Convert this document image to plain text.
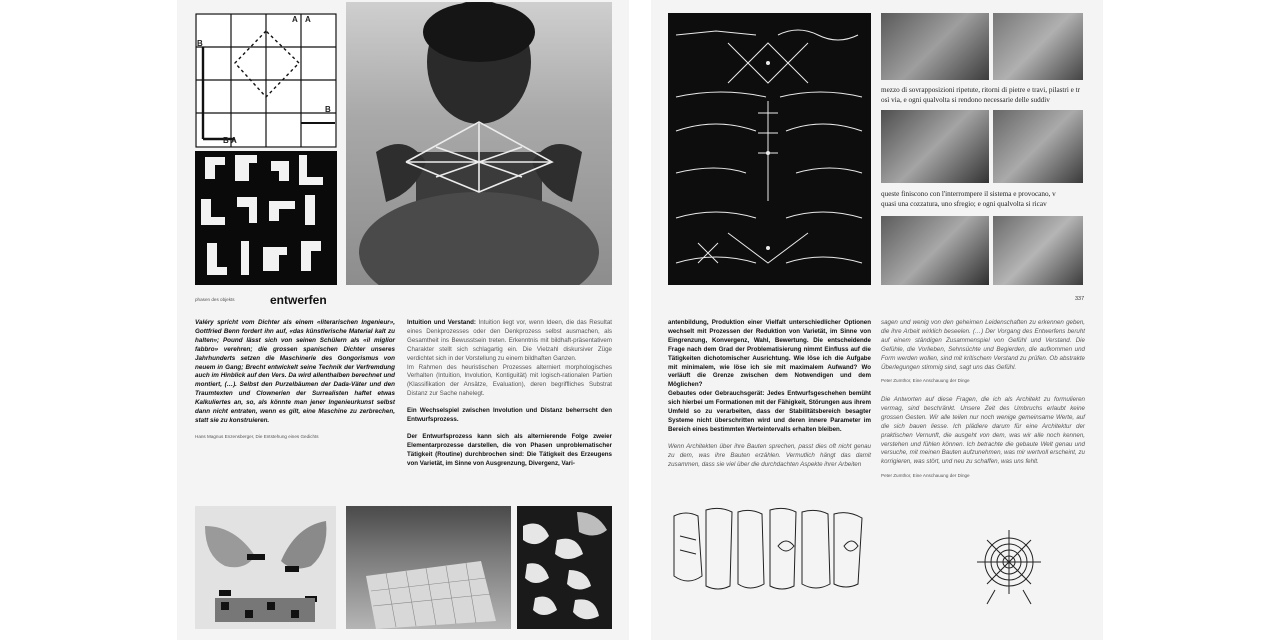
A A
B
B
A
B
phasen des objekts	entwerfen
Valéry spricht vom Dichter als einem «literarischen Ingenieur», Gottfried Benn fordert ihn auf, «das künstlerische Material kalt zu halten»; Pound lässt sich von seinen Schülern als «il miglior fabbro» verehren; die grossen spanischen Dichter unseres Jahrhunderts setzen die Maschinerie des Gongorismus von neuem in Gang; Brecht entwickelt seine Technik der Verfremdung auch im Hinblick auf den Vers. Da wird allenthalben berechnet und montiert, (…). Selbst den Purzelbäumen der Dada-Väter und den Traumtexten und Clownerien der Surrealisten haftet etwas Kalkuliertes an, so, als könnte man jener Ingenieurkunst selbst dann nicht entraten, wenn es gilt, eine Maschine zu zerbrechen, statt sie zu konstruieren.
Hans Magnus Enzensberger, Die Entstehung eines Gedichts

Intuition und Verstand: Intuition liegt vor, wenn Ideen, die das Resultat eines Denkprozesses oder den Denkprozess selbst ausmachen, als Gesamtheit ins Bewusstsein treten. Erkenntnis mit bildhaft-präsentativem Charakter stellt sich schlagartig ein. Die Vielzahl diskursiver Züge verdichtet sich in der Vorstellung zu einem bildhaften Ganzen.
Im Rahmen des heuristischen Prozesses alterniert morphologisches Verhalten (Intuition, Involution, Kontiguität) mit logisch-rationalen Partien (Klassifikation der Ansätze, Evaluation), deren begriffliches Substrat Distanz zur Sache nahelegt.

Ein Wechselspiel zwischen Involution und Distanz beherrscht den Entwurfsprozess.

Der Entwurfsprozess kann sich als alternierende Folge zweier Elementarprozesse darstellen, die von Phasen unproblematischer Tätigkeit (Routine) durchbrochen sind: Die Tätigkeit des Erzeugens von Varietät, im Sinne von Ausgrenzung, Divergenz, Vari-

mezzo di sovrapposizioni ripetute, ritorni di pietre e travi, pilastri e tr
osì via, e ogni qualvolta si rendono necessarie delle suddiv
queste finiscono con l'interrompere il sistema e provocano, v
quasi una cozzatura, uno sfregio; e ogni qualvolta si ricav
337

antenbildung, Produktion einer Vielfalt unterschiedlicher Optionen wechselt mit Prozessen der Reduktion von Varietät, im Sinne von Eingrenzung, Konvergenz, Wahl, Bewertung. Die entscheidende Frage nach dem Grad der Problematisierung nimmt Einfluss auf die Tätigkeiten dichotomischer Ausrichtung. Wie löse ich die Aufgabe mit minimalem, wie löse ich sie mit maximalem Aufwand? Wo verläuft die Grenze zwischen dem Notwendigen und dem Möglichen?

Gebautes oder Gebrauchsgerät: Jedes Entwurfsgeschehen bemüht sich hierbei um Formationen mit der Fähigkeit, Störungen aus ihrem Umfeld so zu verarbeiten, dass der Stabilitätsbereich besagter Systeme nicht überschritten wird und deren innere Parameter im Bereich eines bestimmten Werteintervalls erhalten bleiben.

Wenn Architekten über ihre Bauten sprechen, passt dies oft nicht genau zu dem, was ihre Bauten erzählen. Vermutlich hängt das damit zusammen, dass sie viel über die durchdachten Aspekte ihrer Arbeiten

sagen und wenig von den geheimen Leidenschaften zu erkennen geben, die ihre Arbeit wirklich beseelen. (…) Der Vorgang des Entwerfens beruht auf einem ständigen Zusammenspiel von Gefühl und Verstand. Die Gefühle, die Vorlieben, Sehnsüchte und Begierden, die aufkommen und Form werden wollen, sind mit kritischem Verstand zu prüfen. Ob abstrakte Überlegungen stimmig sind, sagt uns das Gefühl.
Peter Zumthor, Eine Anschauung der Dinge
Die Antworten auf diese Fragen, die ich als Architekt zu formulieren vermag, sind beschränkt. Unsere Zeit des Umbruchs erlaubt keine grossen Gesten. Wir alle teilen nur noch wenige gemeinsame Werte, auf die sich bauen liesse. Ich plädiere darum für eine Architektur der praktischen Vernunft, die ausgeht von dem, was wir alle noch kennen, verstehen und fühlen können. Ich betrachte die gebaute Welt genau und versuche, mit meinen Bauten aufzunehmen, was mir wertvoll erscheint, zu korrigieren, was stört, und neu zu schaffen, was uns fehlt.
Peter Zumthor, Eine Anschauung der Dinge
